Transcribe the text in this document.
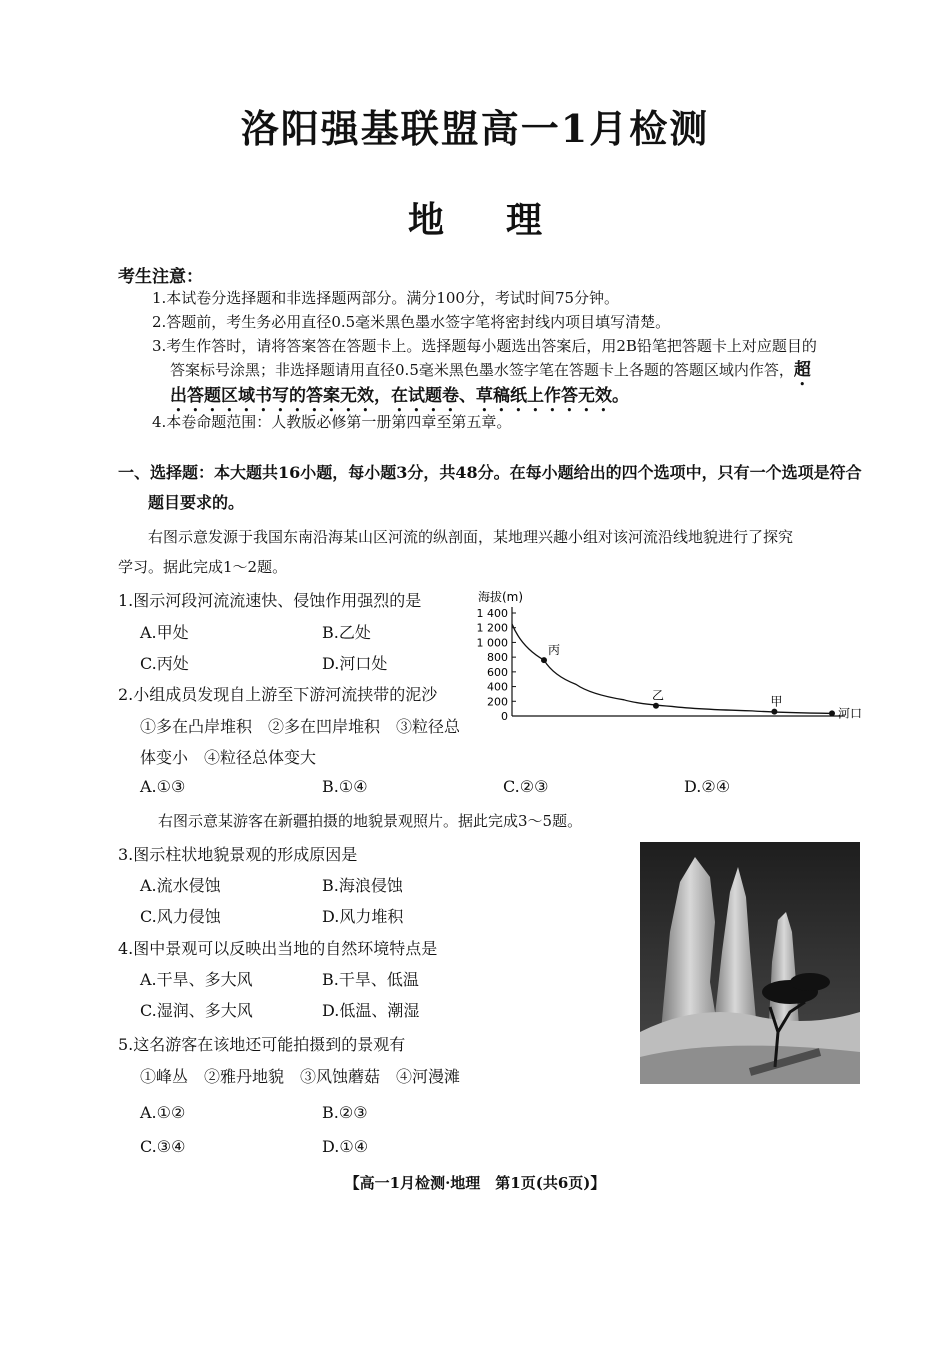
洛阳强基联盟高一1月检测
地理
考生注意：
1.本试卷分选择题和非选择题两部分。满分100分，考试时间75分钟。
2.答题前，考生务必用直径0.5毫米黑色墨水签字笔将密封线内项目填写清楚。
3.考生作答时，请将答案答在答题卡上。选择题每小题选出答案后，用2B铅笔把答题卡上对应题目的
答案标号涂黑；非选择题请用直径0.5毫米黑色墨水签字笔在答题卡上各题的答题区域内作答，超
出答题区域书写的答案无效，在试题卷、草稿纸上作答无效。
4.本卷命题范围：人教版必修第一册第四章至第五章。
一、选择题：本大题共16小题，每小题3分，共48分。在每小题给出的四个选项中，只有一个选项是符合
题目要求的。
右图示意发源于我国东南沿海某山区河流的纵剖面，某地理兴趣小组对该河流沿线地貌进行了探究
学习。据此完成1～2题。
1.图示河段河流流速快、侵蚀作用强烈的是
A.甲处	B.乙处
C.丙处	D.河口处
2.小组成员发现自上游至下游河流挟带的泥沙
①多在凸岸堆积　②多在凹岸堆积　③粒径总
体变小　④粒径总体变大
A.①③	B.①④	C.②③	D.②④
海拔(m)
1 400
1 200
1 000
800
600
400
200
0
丙
乙	甲
河口
右图示意某游客在新疆拍摄的地貌景观照片。据此完成3～5题。
3.图示柱状地貌景观的形成原因是
A.流水侵蚀	B.海浪侵蚀
C.风力侵蚀	D.风力堆积
4.图中景观可以反映出当地的自然环境特点是
A.干旱、多大风	B.干旱、低温
C.湿润、多大风	D.低温、潮湿
5.这名游客在该地还可能拍摄到的景观有
①峰丛　②雅丹地貌　③风蚀蘑菇　④河漫滩
A.①②	B.②③
C.③④	D.①④
【高一1月检测·地理　第1页(共6页)】
